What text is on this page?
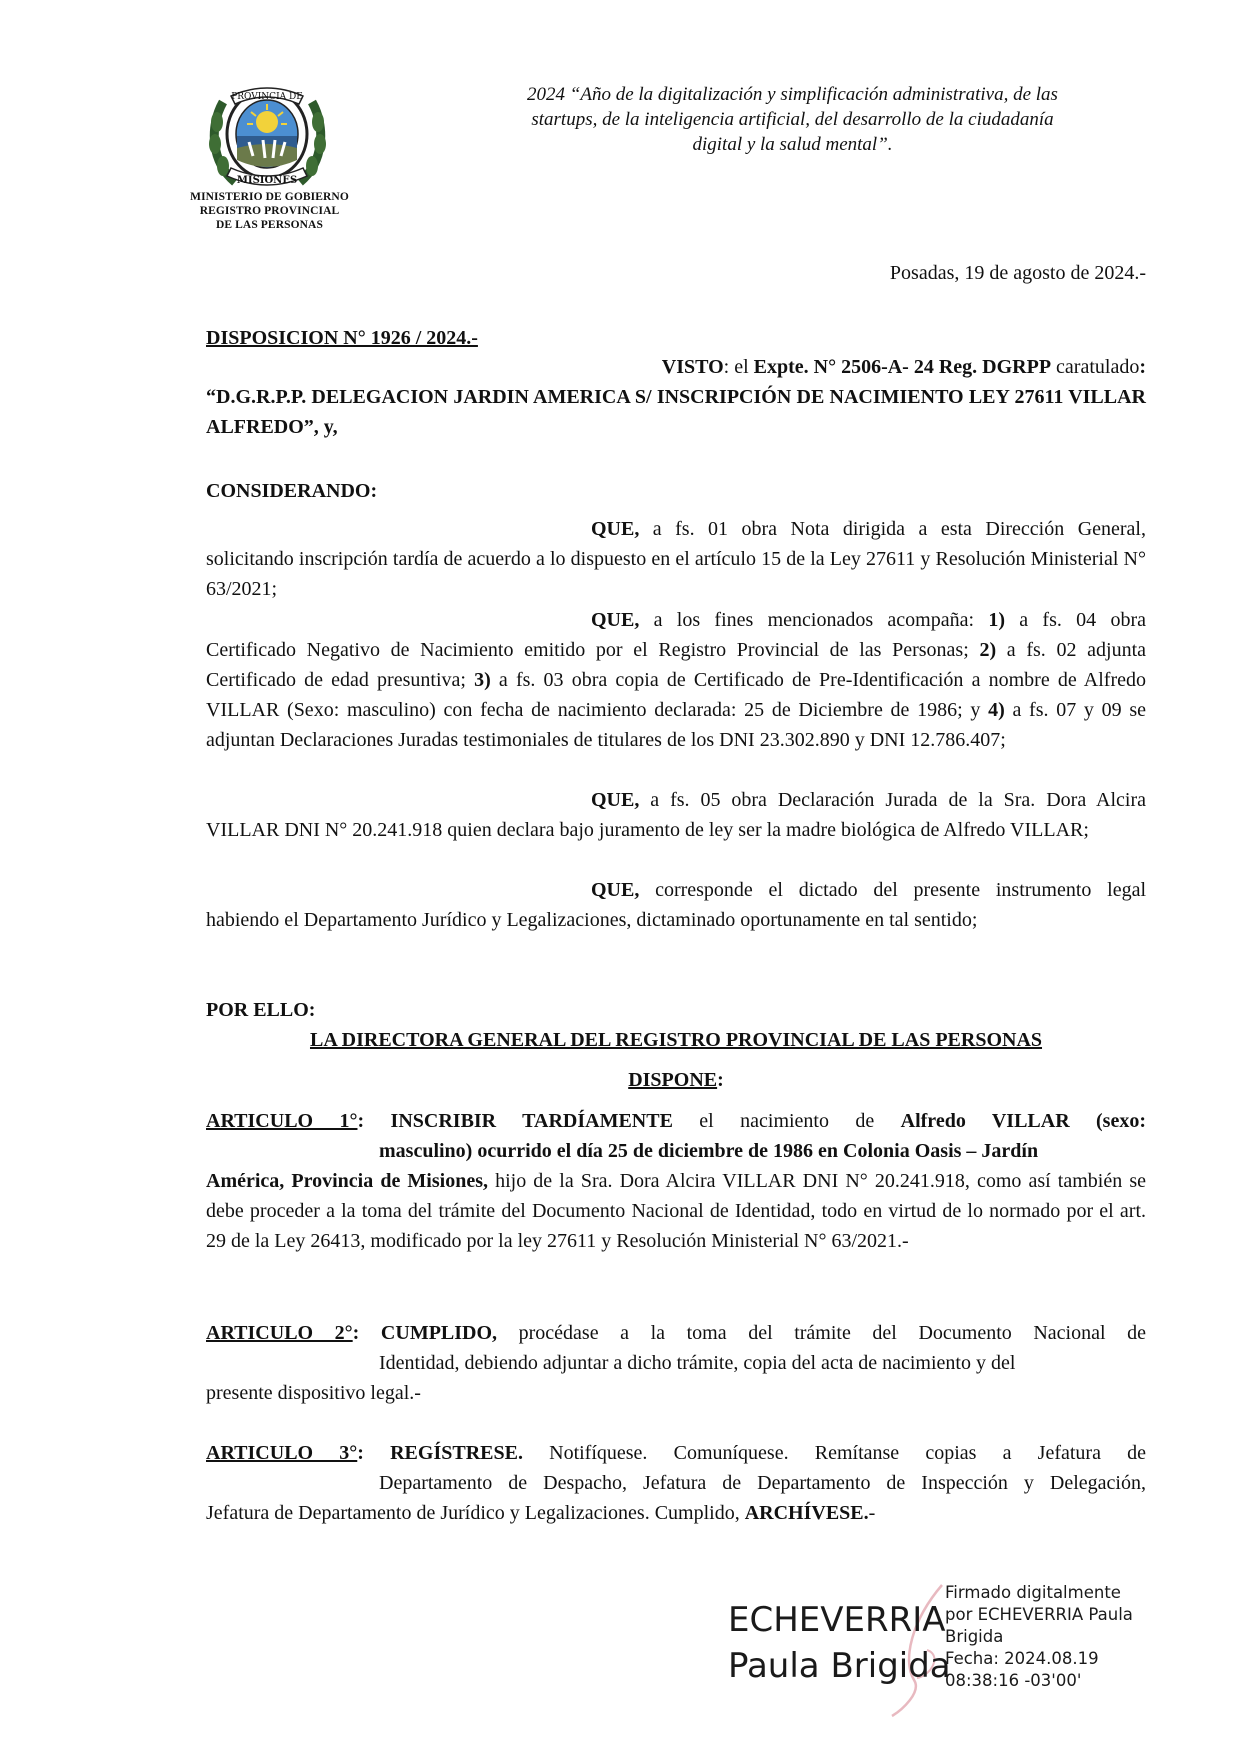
PROVINCIA DE
MISIONES
MINISTERIO DE GOBIERNO
REGISTRO PROVINCIAL
DE LAS PERSONAS
2024 “Año de la digitalización y simplificación administrativa, de las
startups, de la inteligencia artificial, del desarrollo de la ciudadanía
digital y la salud mental”.
Posadas, 19 de agosto de 2024.-
DISPOSICION N° 1926 / 2024.-
VISTO: el Expte. N° 2506-A- 24 Reg. DGRPP caratulado:
“D.G.R.P.P. DELEGACION JARDIN AMERICA S/ INSCRIPCIÓN DE NACIMIENTO LEY 27611 VILLAR ALFREDO”, y,
CONSIDERANDO:
QUE, a fs. 01 obra Nota dirigida a esta Dirección General, solicitando inscripción tardía de acuerdo a lo dispuesto en el artículo 15 de la Ley 27611 y Resolución Ministerial N° 63/2021;
QUE, a los fines mencionados acompaña: 1) a fs. 04 obra Certificado Negativo de Nacimiento emitido por el Registro Provincial de las Personas; 2) a fs. 02 adjunta Certificado de edad presuntiva; 3) a fs. 03 obra copia de Certificado de Pre-Identificación a nombre de Alfredo VILLAR (Sexo: masculino) con fecha de nacimiento declarada: 25 de Diciembre de 1986; y 4) a fs. 07 y 09 se adjuntan Declaraciones Juradas testimoniales de titulares de los DNI 23.302.890 y DNI 12.786.407;
QUE, a fs. 05 obra Declaración Jurada de la Sra. Dora Alcira VILLAR DNI N° 20.241.918 quien declara bajo juramento de ley ser la madre biológica de Alfredo VILLAR;
QUE, corresponde el dictado del presente instrumento legal habiendo el Departamento Jurídico y Legalizaciones, dictaminado oportunamente en tal sentido;
POR ELLO:
LA DIRECTORA GENERAL DEL REGISTRO PROVINCIAL DE LAS PERSONAS
DISPONE:
ARTICULO 1°: INSCRIBIR TARDÍAMENTE el nacimiento de Alfredo VILLAR (sexo:
masculino) ocurrido el día 25 de diciembre de 1986 en Colonia Oasis – Jardín
América, Provincia de Misiones, hijo de la Sra. Dora Alcira VILLAR DNI N° 20.241.918, como así también se debe proceder a la toma del trámite del Documento Nacional de Identidad, todo en virtud de lo normado por el art. 29 de la Ley 26413, modificado por la ley 27611 y Resolución Ministerial N° 63/2021.-
ARTICULO 2°: CUMPLIDO, procédase a la toma del trámite del Documento Nacional de
Identidad, debiendo adjuntar a dicho trámite, copia del acta de nacimiento y del
presente dispositivo legal.-
ARTICULO 3°: REGÍSTRESE. Notifíquese. Comuníquese. Remítanse copias a Jefatura de
Departamento de Despacho, Jefatura de Departamento de Inspección y Delegación,
Jefatura de Departamento de Jurídico y Legalizaciones. Cumplido, ARCHÍVESE.-
ECHEVERRIA
Paula Brigida
Firmado digitalmente
por ECHEVERRIA Paula
Brigida
Fecha: 2024.08.19
08:38:16 -03'00'
